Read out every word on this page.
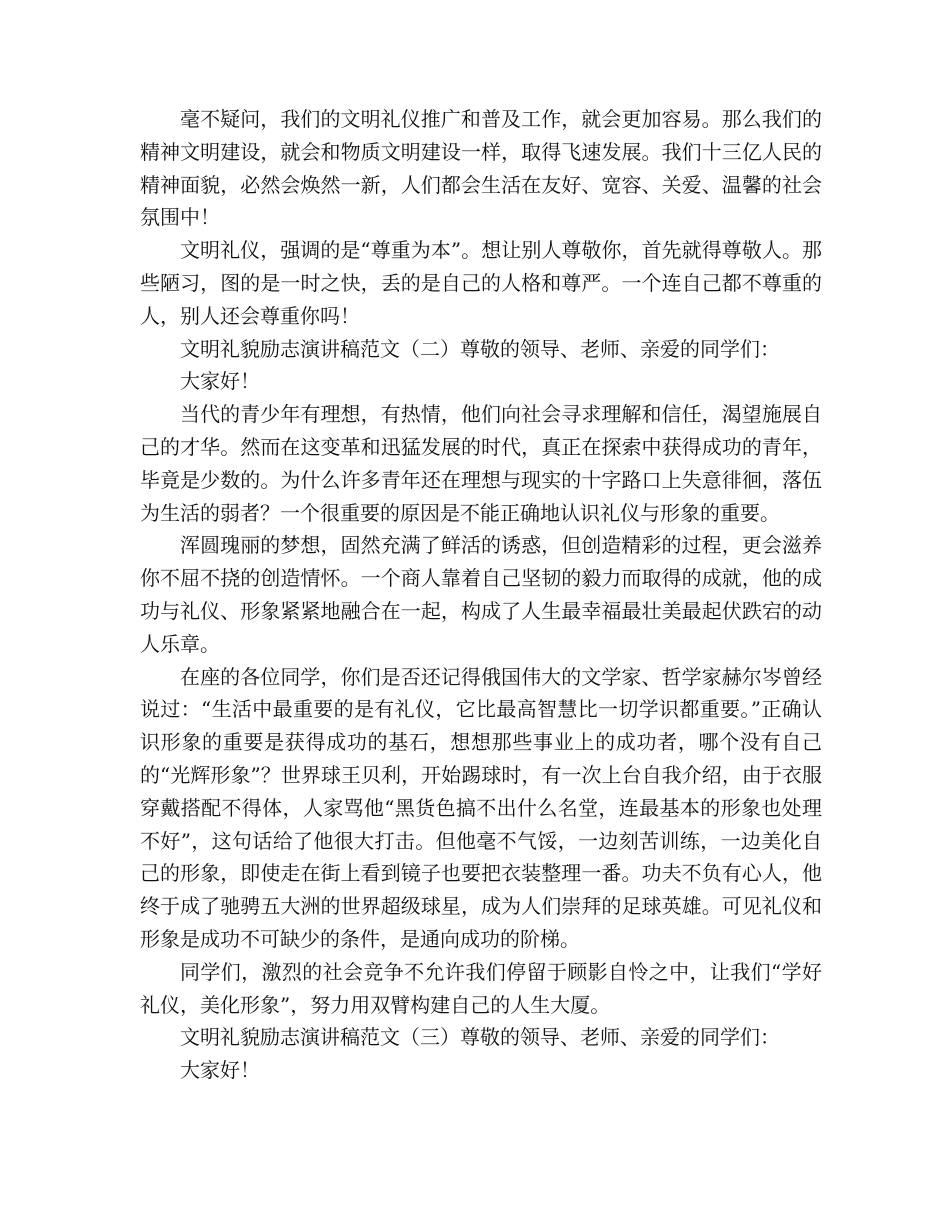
毫不疑问，我们的文明礼仪推广和普及工作，就会更加容易。那么我们的精神文明建设，就会和物质文明建设一样，取得飞速发展。我们十三亿人民的精神面貌，必然会焕然一新，人们都会生活在友好、宽容、关爱、温馨的社会氛围中！

文明礼仪，强调的是“尊重为本”。想让别人尊敬你，首先就得尊敬人。那些陋习，图的是一时之快，丢的是自己的人格和尊严。一个连自己都不尊重的人，别人还会尊重你吗！

文明礼貌励志演讲稿范文（二）尊敬的领导、老师、亲爱的同学们：

大家好！

当代的青少年有理想，有热情，他们向社会寻求理解和信任，渴望施展自己的才华。然而在这变革和迅猛发展的时代，真正在探索中获得成功的青年，毕竟是少数的。为什么许多青年还在理想与现实的十字路口上失意徘徊，落伍为生活的弱者？一个很重要的原因是不能正确地认识礼仪与形象的重要。

浑圆瑰丽的梦想，固然充满了鲜活的诱惑，但创造精彩的过程，更会滋养你不屈不挠的创造情怀。一个商人靠着自己坚韧的毅力而取得的成就，他的成功与礼仪、形象紧紧地融合在一起，构成了人生最幸福最壮美最起伏跌宕的动人乐章。

在座的各位同学，你们是否还记得俄国伟大的文学家、哲学家赫尔岑曾经说过：“生活中最重要的是有礼仪，它比最高智慧比一切学识都重要。”正确认识形象的重要是获得成功的基石，想想那些事业上的成功者，哪个没有自己的“光辉形象”？世界球王贝利，开始踢球时，有一次上台自我介绍，由于衣服穿戴搭配不得体，人家骂他“黑货色搞不出什么名堂，连最基本的形象也处理不好”，这句话给了他很大打击。但他毫不气馁，一边刻苦训练，一边美化自己的形象，即使走在街上看到镜子也要把衣装整理一番。功夫不负有心人，他终于成了驰骋五大洲的世界超级球星，成为人们崇拜的足球英雄。可见礼仪和形象是成功不可缺少的条件，是通向成功的阶梯。

同学们，激烈的社会竞争不允许我们停留于顾影自怜之中，让我们“学好礼仪，美化形象”，努力用双臂构建自己的人生大厦。

文明礼貌励志演讲稿范文（三）尊敬的领导、老师、亲爱的同学们：

大家好！
